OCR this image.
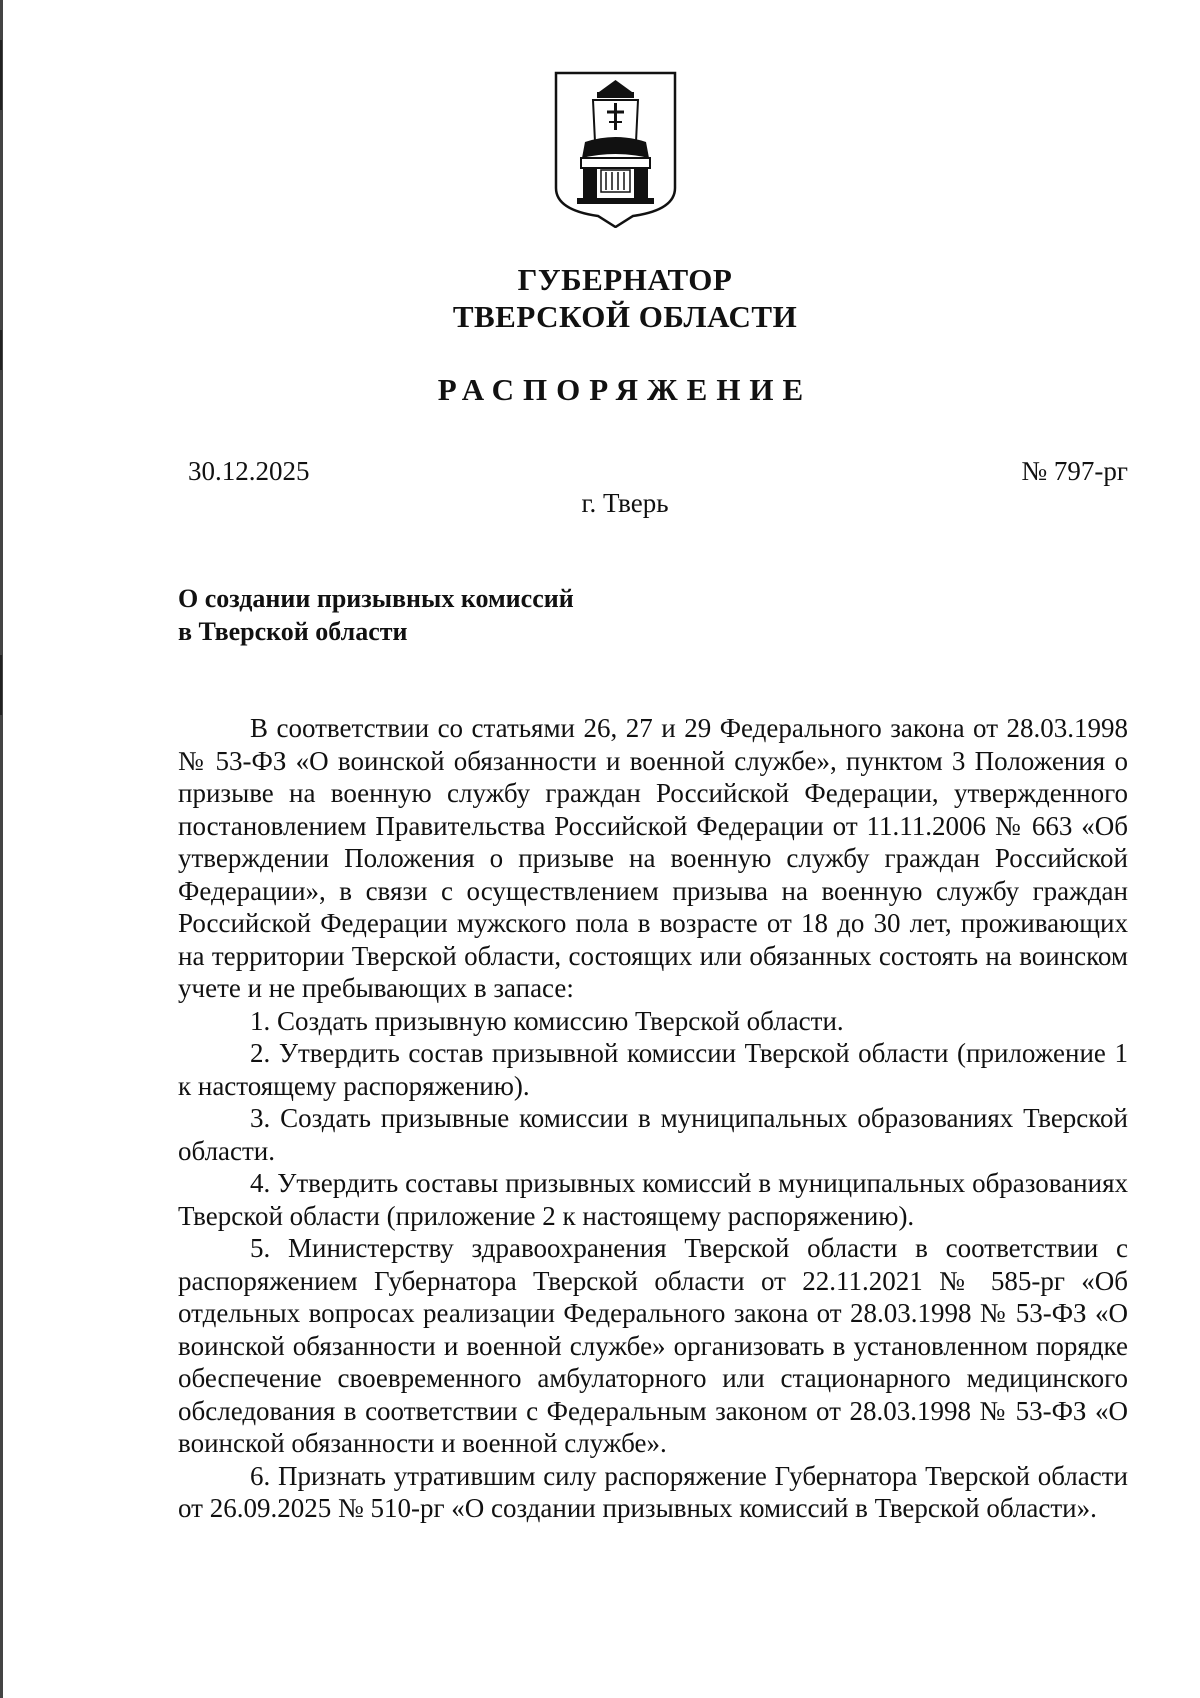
ГУБЕРНАТОР
ТВЕРСКОЙ ОБЛАСТИ
РАСПОРЯЖЕНИЕ
30.12.2025	№ 797-рг
г. Тверь
О создании призывных комиссий
в Тверской области

В соответствии со статьями 26, 27 и 29 Федерального закона от 28.03.1998 № 53-ФЗ «О воинской обязанности и военной службе», пунктом 3 Положения о призыве на военную службу граждан Российской Федерации, утвержденного постановлением Правительства Российской Федерации от 11.11.2006 № 663 «Об утверждении Положения о призыве на военную службу граждан Российской Федерации», в связи с осуществлением призыва на военную службу граждан Российской Федерации мужского пола в возрасте от 18 до 30 лет, проживающих на территории Тверской области, состоящих или обязанных состоять на воинском учете и не пребывающих в запасе:

1. Создать призывную комиссию Тверской области.

2. Утвердить состав призывной комиссии Тверской области (приложение 1 к настоящему распоряжению).

3. Создать призывные комиссии в муниципальных образованиях Тверской области.

4. Утвердить составы призывных комиссий в муниципальных образованиях Тверской области (приложение 2 к настоящему распоряжению).

5. Министерству здравоохранения Тверской области в соответствии с распоряжением Губернатора Тверской области от 22.11.2021 № 585-рг «Об отдельных вопросах реализации Федерального закона от 28.03.1998 № 53-ФЗ «О воинской обязанности и военной службе» организовать в установленном порядке обеспечение своевременного амбулаторного или стационарного медицинского обследования в соответствии с Федеральным законом от 28.03.1998 № 53-ФЗ «О воинской обязанности и военной службе».

6. Признать утратившим силу распоряжение Губернатора Тверской области от 26.09.2025 № 510-рг «О создании призывных комиссий в Тверской области».
